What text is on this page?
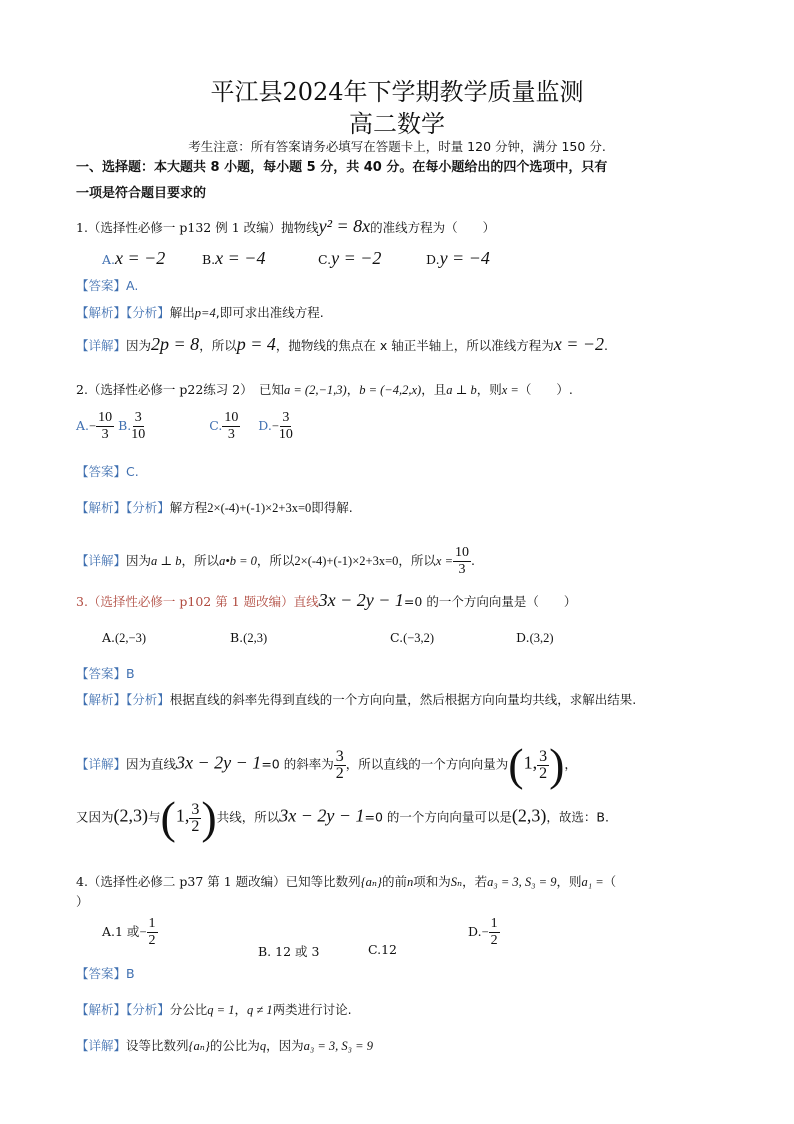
平江县2024年下学期教学质量监测
高二数学
考生注意：所有答案请务必填写在答题卡上，时量 120 分钟，满分 150 分.
一、选择题：本大题共 8 小题，每小题 5 分，共 40 分。在每小题给出的四个选项中，只有
一项是符合题目要求的
1.（选择性必修一 p132 例 1 改编）抛物线y² = 8x的准线方程为（　　）
A.x = −2	B.x = −4	C.y = −2	D.y = −4
【答案】A.
【解析】【分析】解出p=4,即可求出准线方程.
【详解】因为2p = 8，所以p = 4，抛物线的焦点在 x 轴正半轴上，所以准线方程为x = −2.
2.（选择性必修一 p22练习 2）　已知a = (2,−1,3)，b = (−4,2,x)，且a ⊥ b，则x =（　　）.
$A.- \frac{10}{3} B$. $\frac{3}{10}$	C. $\frac{10}{3} D.- \frac{3}{10}$
【答案】C.
【解析】【分析】解方程2×(-4)+(-1)×2+3x=0即得解.
【详解】因为a ⊥ b，所以a•b = 0，所以2×(-4)+(-1)×2+3x=0，所以$x = \frac{10}{3}$ .
3.（选择性必修一 p102 第 1 题改编）直线3x − 2y − 1=0 的一个方向向量是（　　）
A.(2,−3)	B.(2,3)	C.(−3,2)	D.(3,2)
【答案】B
【解析】【分析】根据直线的斜率先得到直线的一个方向向量，然后根据方向向量均共线，求解出结果.
【详解】因为直线3x − 2y − 1=0 的斜率为 $\frac{3}{2}$ ，所以直线的一个方向向量为(1, $\frac{3}{2}$ )，
又因为(2,3)与(1, $\frac{3}{2}$ )共线，所以3x − 2y − 1=0 的一个方向向量可以是(2,3)，故选：B.
4.（选择性必修二 p37 第 1 题改编）已知等比数列{aₙ}的前n项和为Sₙ，若a₃ = 3, S₃ = 9，则a₁ =（
）
A.1 或− $\frac{1}{2}$
B. 12 或 3	C.12
$D.- \frac{1}{2}$
【答案】B
【解析】【分析】分公比q = 1，q ≠ 1两类进行讨论.
【详解】设等比数列{aₙ}的公比为q，因为a₃ = 3, S₃ = 9
